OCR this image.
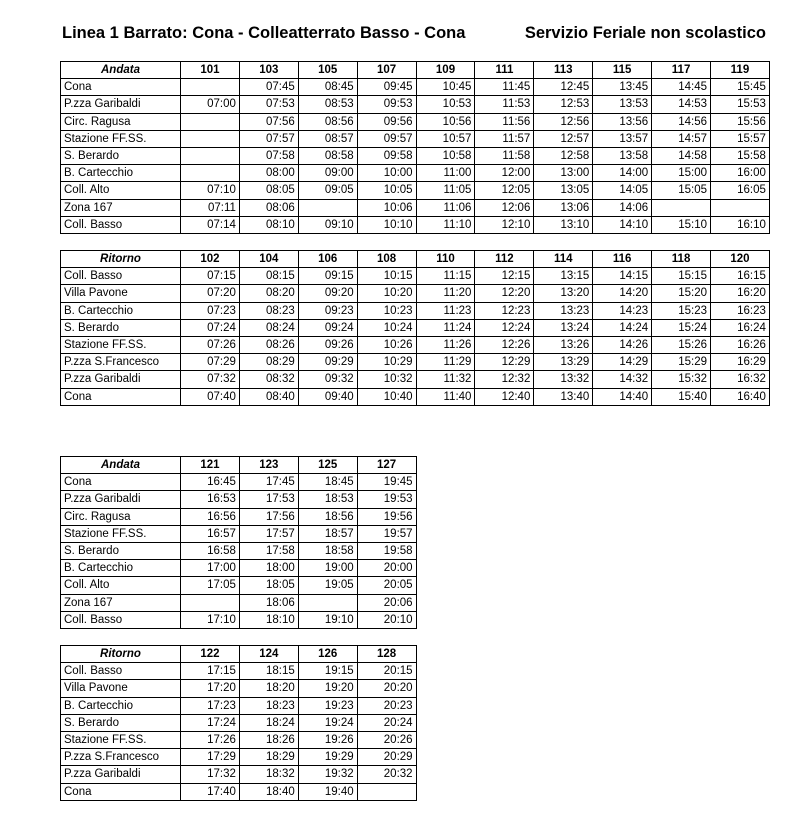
Linea 1 Barrato: Cona - Colleatterrato Basso - Cona	Servizio Feriale non scolastico
Andata	101	103	105	107	109	111	113	115	117	119
Cona		07:45	08:45	09:45	10:45	11:45	12:45	13:45	14:45	15:45
P.zza Garibaldi	07:00	07:53	08:53	09:53	10:53	11:53	12:53	13:53	14:53	15:53
Circ. Ragusa		07:56	08:56	09:56	10:56	11:56	12:56	13:56	14:56	15:56
Stazione FF.SS.		07:57	08:57	09:57	10:57	11:57	12:57	13:57	14:57	15:57
S. Berardo		07:58	08:58	09:58	10:58	11:58	12:58	13:58	14:58	15:58
B. Cartecchio		08:00	09:00	10:00	11:00	12:00	13:00	14:00	15:00	16:00
Coll. Alto	07:10	08:05	09:05	10:05	11:05	12:05	13:05	14:05	15:05	16:05
Zona 167	07:11	08:06		10:06	11:06	12:06	13:06	14:06		
Coll. Basso	07:14	08:10	09:10	10:10	11:10	12:10	13:10	14:10	15:10	16:10
Ritorno	102	104	106	108	110	112	114	116	118	120
Coll. Basso	07:15	08:15	09:15	10:15	11:15	12:15	13:15	14:15	15:15	16:15
Villa Pavone	07:20	08:20	09:20	10:20	11:20	12:20	13:20	14:20	15:20	16:20
B. Cartecchio	07:23	08:23	09:23	10:23	11:23	12:23	13:23	14:23	15:23	16:23
S. Berardo	07:24	08:24	09:24	10:24	11:24	12:24	13:24	14:24	15:24	16:24
Stazione FF.SS.	07:26	08:26	09:26	10:26	11:26	12:26	13:26	14:26	15:26	16:26
P.zza S.Francesco	07:29	08:29	09:29	10:29	11:29	12:29	13:29	14:29	15:29	16:29
P.zza Garibaldi	07:32	08:32	09:32	10:32	11:32	12:32	13:32	14:32	15:32	16:32
Cona	07:40	08:40	09:40	10:40	11:40	12:40	13:40	14:40	15:40	16:40
Andata	121	123	125	127
Cona	16:45	17:45	18:45	19:45
P.zza Garibaldi	16:53	17:53	18:53	19:53
Circ. Ragusa	16:56	17:56	18:56	19:56
Stazione FF.SS.	16:57	17:57	18:57	19:57
S. Berardo	16:58	17:58	18:58	19:58
B. Cartecchio	17:00	18:00	19:00	20:00
Coll. Alto	17:05	18:05	19:05	20:05
Zona 167		18:06		20:06
Coll. Basso	17:10	18:10	19:10	20:10
Ritorno	122	124	126	128
Coll. Basso	17:15	18:15	19:15	20:15
Villa Pavone	17:20	18:20	19:20	20:20
B. Cartecchio	17:23	18:23	19:23	20:23
S. Berardo	17:24	18:24	19:24	20:24
Stazione FF.SS.	17:26	18:26	19:26	20:26
P.zza S.Francesco	17:29	18:29	19:29	20:29
P.zza Garibaldi	17:32	18:32	19:32	20:32
Cona	17:40	18:40	19:40	
